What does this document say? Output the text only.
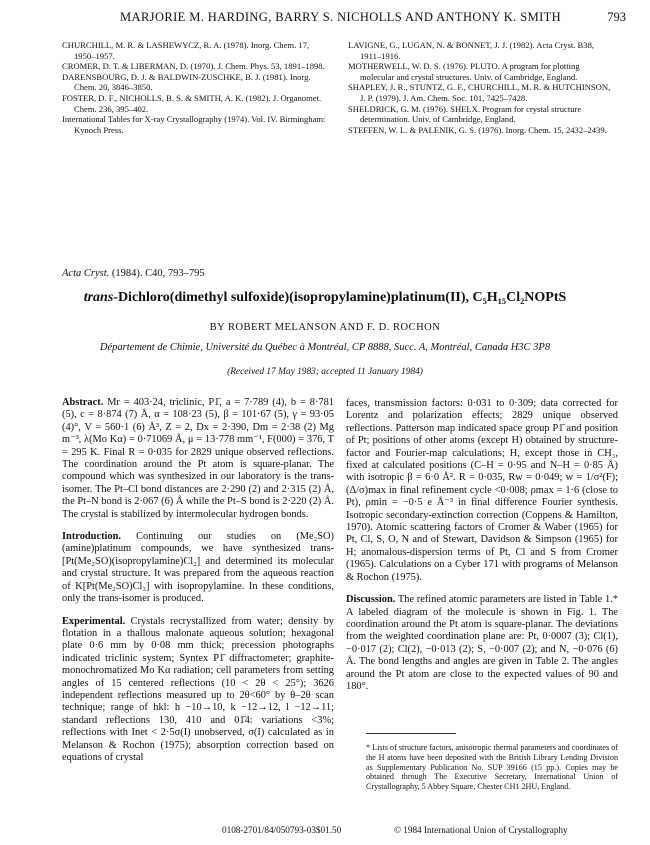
MARJORIE M. HARDING, BARRY S. NICHOLLS AND ANTHONY K. SMITH	793

CHURCHILL, M. R. & LASHEWYCZ, R. A. (1978). Inorg. Chem. 17, 1950–1957.

CROMER, D. T. & LIBERMAN, D. (1970). J. Chem. Phys. 53, 1891–1898.

DARENSBOURG, D. J. & BALDWIN-ZUSCHKE, B. J. (1981). Inorg. Chem. 20, 3846–3850.

FOSTER, D. F., NICHOLLS, B. S. & SMITH, A. K. (1982). J. Organomet. Chem. 236, 395–402.

International Tables for X-ray Crystallography (1974). Vol. IV. Birmingham: Kynoch Press.

LAVIGNE, G., LUGAN, N. & BONNET, J. J. (1982). Acta Cryst. B38, 1911–1916.

MOTHERWELL, W. D. S. (1976). PLUTO. A program for plotting molecular and crystal structures. Univ. of Cambridge, England.

SHAPLEY, J. R., STUNTZ, G. F., CHURCHILL, M. R. & HUTCHINSON, J. P. (1979). J. Am. Chem. Soc. 101, 7425–7428.

SHELDRICK, G. M. (1976). SHELX. Program for crystal structure determination. Univ. of Cambridge, England.

STEFFEN, W. L. & PALENIK, G. S. (1976). Inorg. Chem. 15, 2432–2439.

Acta Cryst. (1984). C40, 793–795
trans-Dichloro(dimethyl sulfoxide)(isopropylamine)platinum(II), C₅H₁₅Cl₂NOPtS
BY ROBERT MELANSON AND F. D. ROCHON
Département de Chimie, Université du Québec à Montréal, CP 8888, Succ. A, Montréal, Canada H3C 3P8
(Received 17 May 1983; accepted 11 January 1984)

Abstract. Mr = 403·24, triclinic, P1̄, a = 7·789 (4), b = 8·781 (5), c = 8·874 (7) Å, α = 108·23 (5), β = 101·67 (5), γ = 93·05 (4)°, V = 560·1 (6) Å³, Z = 2, Dx = 2·390, Dm = 2·38 (2) Mg m⁻³, λ(Mo Kα) = 0·71069 Å, μ = 13·778 mm⁻¹, F(000) = 376, T = 295 K. Final R = 0·035 for 2829 unique observed reflections. The coordination around the Pt atom is square-planar. The compound which was synthesized in our laboratory is the trans-isomer. The Pt–Cl bond distances are 2·290 (2) and 2·315 (2) Å, the Pt–N bond is 2·067 (6) Å while the Pt–S bond is 2·220 (2) Å. The crystal is stabilized by intermolecular hydrogen bonds.

Introduction. Continuing our studies on (Me₂SO)(amine)platinum compounds, we have synthesized trans-[Pt(Me₂SO)(isopropylamine)Cl₂] and determined its molecular and crystal structure. It was prepared from the aqueous reaction of K[Pt(Me₂SO)Cl₃] with isopropylamine. In these conditions, only the trans-isomer is produced.

Experimental. Crystals recrystallized from water; density by flotation in a thallous malonate aqueous solution; hexagonal plate 0·6 mm by 0·08 mm thick; precession photographs indicated triclinic system; Syntex P1̄ diffractometer; graphite-monochromatized Mo Kα radiation; cell parameters from setting angles of 15 centered reflections (10 < 2θ < 25°); 3626 independent reflections measured up to 2θ<60° by θ–2θ scan technique; range of hkl: h −10→10, k −12→12, l −12→11; standard reflections 130, 410 and 01̄4: variations <3%; reflections with Inet < 2·5σ(I) unobserved, σ(I) calculated as in Melanson & Rochon (1975); absorption correction based on equations of crystal

faces, transmission factors: 0·031 to 0·309; data corrected for Lorentz and polarization effects; 2829 unique observed reflections. Patterson map indicated space group P1̄ and position of Pt; positions of other atoms (except H) obtained by structure-factor and Fourier-map calculations; H, except those in CH₃, fixed at calculated positions (C–H = 0·95 and N–H = 0·85 Å) with isotropic β = 6·0 Å². R = 0·035, Rw = 0·049; w = 1/σ²(F); (Δ/σ)max in final refinement cycle <0·008; ρmax = 1·6 (close to Pt), ρmin = −0·5 e Å⁻³ in final difference Fourier synthesis. Isotropic secondary-extinction correction (Coppens & Hamilton, 1970). Atomic scattering factors of Cromer & Waber (1965) for Pt, Cl, S, O, N and of Stewart, Davidson & Simpson (1965) for H; anomalous-dispersion terms of Pt, Cl and S from Cromer (1965). Calculations on a Cyber 171 with programs of Melanson & Rochon (1975).

Discussion. The refined atomic parameters are listed in Table 1.* A labeled diagram of the molecule is shown in Fig. 1. The coordination around the Pt atom is square-planar. The deviations from the weighted coordination plane are: Pt, 0·0007 (3); Cl(1), −0·017 (2); Cl(2), −0·013 (2); S, −0·007 (2); and N, −0·076 (6) Å. The bond lengths and angles are given in Table 2. The angles around the Pt atom are close to the expected values of 90 and 180°.

* Lists of structure factors, anisotropic thermal parameters and coordinates of the H atoms have been deposited with the British Library Lending Division as Supplementary Publication No. SUP 39166 (15 pp.). Copies may be obtained through The Executive Secretary, International Union of Crystallography, 5 Abbey Square, Chester CH1 2HU, England.
0108-2701/84/050793-03$01.50	© 1984 International Union of Crystallography
